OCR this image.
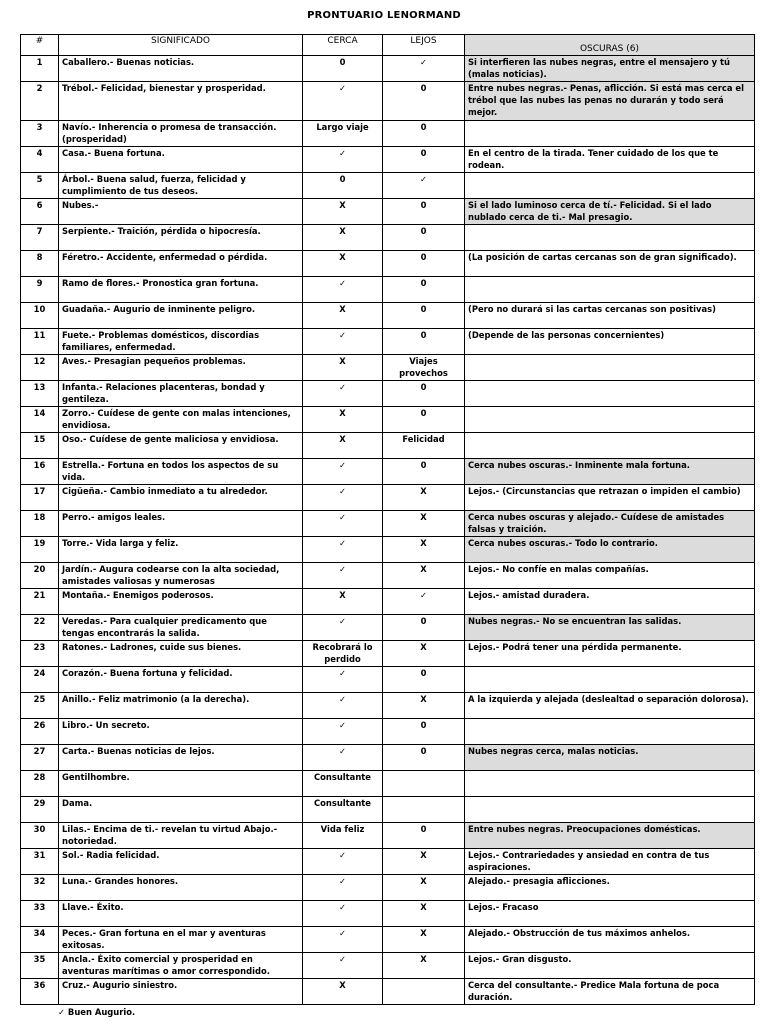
PRONTUARIO LENORMAND
#	SIGNIFICADO	CERCA	LEJOS	OSCURAS (6)
1	Caballero.- Buenas noticias.	0	✓	Si interfieren las nubes negras, entre el mensajero y tú (malas noticias).
2	Trébol.- Felicidad, bienestar y prosperidad.	✓	0	Entre nubes negras.- Penas, aflicción. Si está mas cerca el trébol que las nubes las penas no durarán y todo será mejor.
3	Navío.- Inherencia o promesa de transacción. (prosperidad)	Largo viaje	0	
4	Casa.- Buena fortuna.	✓	0	En el centro de la tirada. Tener cuidado de los que te rodean.
5	Árbol.- Buena salud, fuerza, felicidad y cumplimiento de tus deseos.	0	✓	
6	Nubes.-	X	0	Si el lado luminoso cerca de tí.- Felicidad. Si el lado nublado cerca de ti.- Mal presagio.
7	Serpiente.- Traición, pérdida o hipocresía.	X	0	
8	Féretro.- Accidente, enfermedad o pérdida.	X	0	(La posición de cartas cercanas son de gran significado).
9	Ramo de flores.- Pronostica gran fortuna.	✓	0	
10	Guadaña.- Augurio de inminente peligro.	X	0	(Pero no durará si las cartas cercanas son positivas)
11	Fuete.- Problemas domésticos, discordias familiares, enfermedad.	✓	0	(Depende de las personas concernientes)
12	Aves.- Presagian pequeños problemas.	X	Viajes provechos	
13	Infanta.- Relaciones placenteras, bondad y gentileza.	✓	0	
14	Zorro.- Cuídese de gente con malas intenciones, envidiosa.	X	0	
15	Oso.- Cuídese de gente maliciosa y envidiosa.	X	Felicidad	
16	Estrella.- Fortuna en todos los aspectos de su vida.	✓	0	Cerca nubes oscuras.- Inminente mala fortuna.
17	Cigüeña.- Cambio inmediato a tu alrededor.	✓	X	Lejos.- (Circunstancias que retrazan o impiden el cambio)
18	Perro.- amigos leales.	✓	X	Cerca nubes oscuras y alejado.- Cuídese de amistades falsas y traición.
19	Torre.- Vida larga y feliz.	✓	X	Cerca nubes oscuras.- Todo lo contrario.
20	Jardín.- Augura codearse con la alta sociedad, amistades valiosas y numerosas	✓	X	Lejos.- No confíe en malas compañías.
21	Montaña.- Enemigos poderosos.	X	✓	Lejos.- amistad duradera.
22	Veredas.- Para cualquier predicamento que tengas encontrarás la salida.	✓	0	Nubes negras.- No se encuentran las salidas.
23	Ratones.- Ladrones, cuide sus bienes.	Recobrará lo perdido	X	Lejos.- Podrá tener una pérdida permanente.
24	Corazón.- Buena fortuna y felicidad.	✓	0	
25	Anillo.- Feliz matrimonio (a la derecha).	✓	X	A la izquierda y alejada (deslealtad o separación dolorosa).
26	Libro.- Un secreto.	✓	0	
27	Carta.- Buenas noticias de lejos.	✓	0	Nubes negras cerca, malas noticias.
28	Gentilhombre.	Consultante		
29	Dama.	Consultante		
30	Lilas.- Encima de ti.- revelan tu virtud Abajo.- notoriedad.	Vida feliz	0	Entre nubes negras. Preocupaciones domésticas.
31	Sol.- Radia felicidad.	✓	X	Lejos.- Contrariedades y ansiedad en contra de tus aspiraciones.
32	Luna.- Grandes honores.	✓	X	Alejado.- presagia aflicciones.
33	Llave.- Éxito.	✓	X	Lejos.- Fracaso
34	Peces.- Gran fortuna en el mar y aventuras exitosas.	✓	X	Alejado.- Obstrucción de tus máximos anhelos.
35	Ancla.- Éxito comercial y prosperidad en aventuras marítimas o amor correspondido.	✓	X	Lejos.- Gran disgusto.
36	Cruz.- Augurio siniestro.	X		Cerca del consultante.- Predice Mala fortuna de poca duración.
✓ Buen Augurio.
